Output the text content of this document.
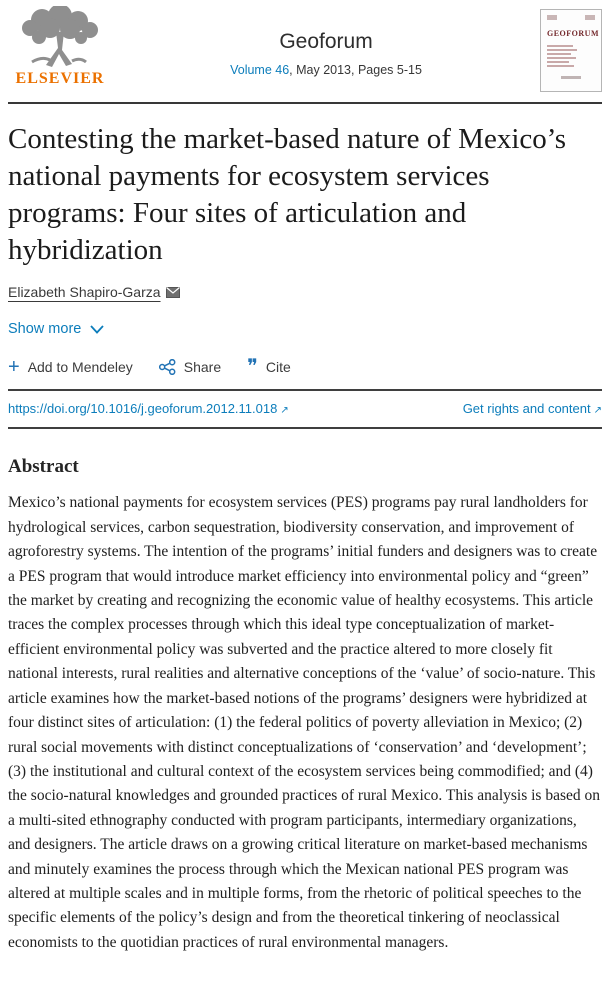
ELSEVIER
Geoforum
Volume 46, May 2013, Pages 5-15
GEOFORUM
Contesting the market-based nature of Mexico’s national payments for ecosystem services programs: Four sites of articulation and hybridization
Elizabeth Shapiro-Garza
Show more
+ Add to Mendeley	Share ❞ Cite
https://doi.org/10.1016/j.geoforum.2012.11.018 ↗	Get rights and content ↗
Abstract

Mexico’s national payments for ecosystem services (PES) programs pay rural landholders for hydrological services, carbon sequestration, biodiversity conservation, and improvement of agroforestry systems. The intention of the programs’ initial funders and designers was to create a PES program that would introduce market efficiency into environmental policy and “green” the market by creating and recognizing the economic value of healthy ecosystems. This article traces the complex processes through which this ideal type conceptualization of market-efficient environmental policy was subverted and the practice altered to more closely fit national interests, rural realities and alternative conceptions of the ‘value’ of socio-nature. This article examines how the market-based notions of the programs’ designers were hybridized at four distinct sites of articulation: (1) the federal politics of poverty alleviation in Mexico; (2) rural social movements with distinct conceptualizations of ‘conservation’ and ‘development’; (3) the institutional and cultural context of the ecosystem services being commodified; and (4) the socio-natural knowledges and grounded practices of rural Mexico. This analysis is based on a multi-sited ethnography conducted with program participants, intermediary organizations, and designers. The article draws on a growing critical literature on market-based mechanisms and minutely examines the process through which the Mexican national PES program was altered at multiple scales and in multiple forms, from the rhetoric of political speeches to the specific elements of the policy’s design and from the theoretical tinkering of neoclassical economists to the quotidian practices of rural environmental managers.
